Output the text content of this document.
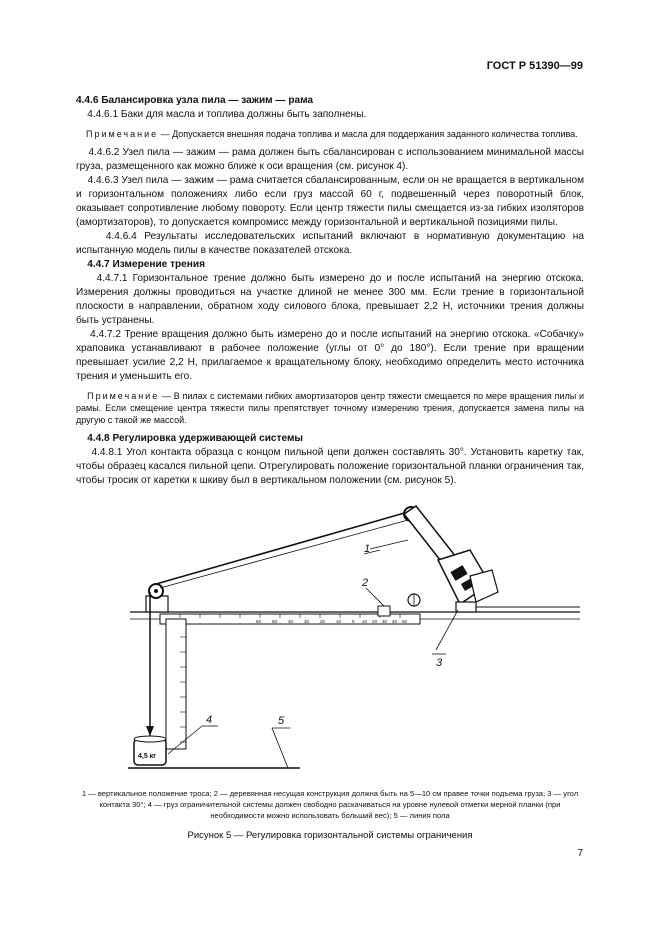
ГОСТ Р 51390—99

4.4.6 Балансировка узла пила — зажим — рама

4.4.6.1 Баки для масла и топлива должны быть заполнены.

Примечание — Допускается внешняя подача топлива и масла для поддержания заданного количества топлива.

4.4.6.2 Узел пила — зажим — рама должен быть сбалансирован с использованием минимальной массы груза, размещенного как можно ближе к оси вращения (см. рисунок 4).

4.4.6.3 Узел пила — зажим — рама считается сбалансированным, если он не вращается в вертикальном и горизонтальном положениях либо если груз массой 60 г, подвешенный через поворотный блок, оказывает сопротивление любому повороту. Если центр тяжести пилы смещается из-за гибких изоляторов (амортизаторов), то допускается компромисс между горизонтальной и вертикальной позициями пилы.

4.4.6.4 Результаты исследовательских испытаний включают в нормативную документацию на испытанную модель пилы в качестве показателей отскока.

4.4.7 Измерение трения

4.4.7.1 Горизонтальное трение должно быть измерено до и после испытаний на энергию отскока. Измерения должны проводиться на участке длиной не менее 300 мм. Если трение в горизонтальной плоскости в направлении, обратном ходу силового блока, превышает 2,2 Н, источники трения должны быть устранены.

4.4.7.2 Трение вращения должно быть измерено до и после испытаний на энергию отскока. «Собачку» храповика устанавливают в рабочее положение (углы от 0° до 180°). Если трение при вращении превышает усилие 2,2 Н, прилагаемое к вращательному блоку, необходимо определить место источника трения и уменьшить его.

Примечание — В пилах с системами гибких амортизаторов центр тяжести смещается по мере вращения пилы и рамы. Если смещение центра тяжести пилы препятствует точному измерению трения, допускается замена пилы на другую с такой же массой.

4.4.8 Регулировка удерживающей системы

4.4.8.1 Угол контакта образца с концом пильной цепи должен составлять 30°. Установить каретку так, чтобы образец касался пильной цепи. Отрегулировать положение горизонтальной планки ограничения так, чтобы тросик от каретки к шкиву был в вертикальном положении (см. рисунок 5).

60 50 40 30 20 10 0 10 20 30 40 50
4,5 кг
1
2
3
4	5
1 — вертикальное положение троса; 2 — деревянная несущая конструкция должна быть на 5—10 см правее точки подъема груза; 3 — угол контакта 30°; 4 — груз ограничительной системы должен свободно раскачиваться на уровне нулевой отметки мерной планки (при необходимости можно использовать больший вес); 5 — линия пола
Рисунок 5 — Регулировка горизонтальной системы ограничения
7
